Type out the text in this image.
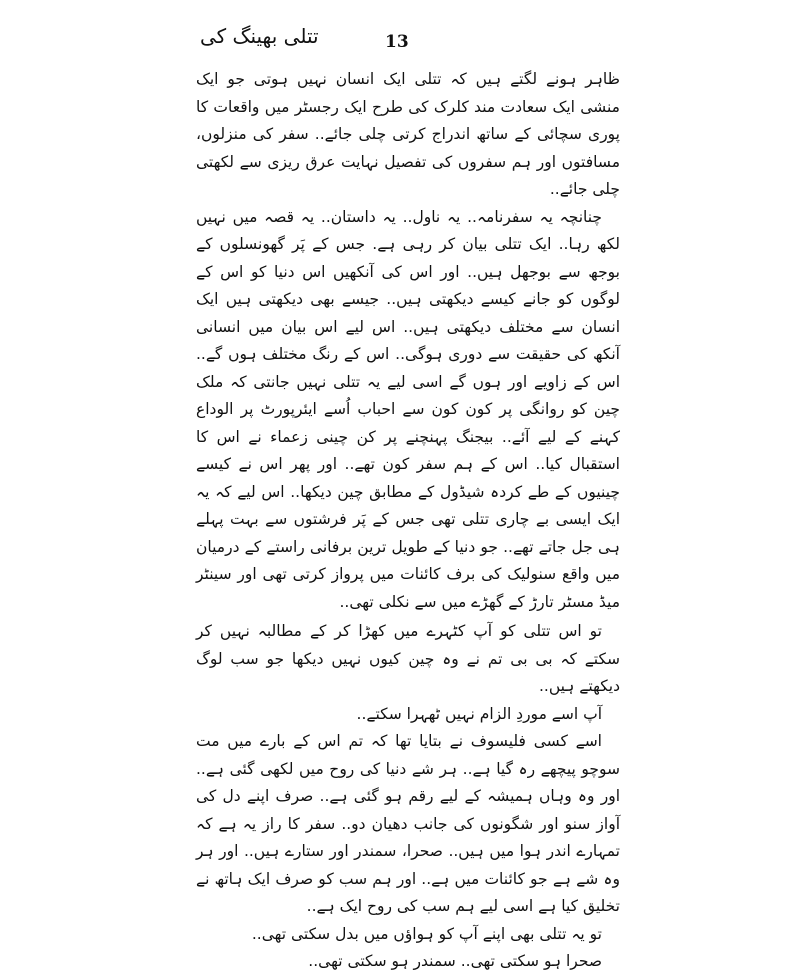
تتلی بھینگ کی	13

ظاہر ہونے لگتے ہیں کہ تتلی ایک انسان نہیں ہوتی جو ایک منشی ایک سعادت مند کلرک کی طرح ایک رجسٹر میں واقعات کا پوری سچائی کے ساتھ اندراج کرتی چلی جائے.. سفر کی منزلوں، مسافتوں اور ہم سفروں کی تفصیل نہایت عرق ریزی سے لکھتی چلی جائے..

چنانچہ یہ سفرنامہ.. یہ ناول.. یہ داستان.. یہ قصہ میں نہیں لکھ رہا.. ایک تتلی بیان کر رہی ہے. جس کے پَر گھونسلوں کے بوجھ سے بوجھل ہیں.. اور اس کی آنکھیں اس دنیا کو اس کے لوگوں کو جانے کیسے دیکھتی ہیں.. جیسے بھی دیکھتی ہیں ایک انسان سے مختلف دیکھتی ہیں.. اس لیے اس بیان میں انسانی آنکھ کی حقیقت سے دوری ہوگی.. اس کے رنگ مختلف ہوں گے.. اس کے زاویے اور ہوں گے اسی لیے یہ تتلی نہیں جانتی کہ ملک چین کو روانگی پر کون کون سے احباب اُسے ایئرپورٹ پر الوداع کہنے کے لیے آئے.. بیجنگ پہنچنے پر کن چینی زعماء نے اس کا استقبال کیا.. اس کے ہم سفر کون تھے.. اور پھر اس نے کیسے چینیوں کے طے کردہ شیڈول کے مطابق چین دیکھا.. اس لیے کہ یہ ایک ایسی بے چاری تتلی تھی جس کے پَر فرشتوں سے بہت پہلے ہی جل جاتے تھے.. جو دنیا کے طویل ترین برفانی راستے کے درمیان میں واقع سنولیک کی برف کائنات میں پرواز کرتی تھی اور سینٹر میڈ مسٹر تارڑ کے گھڑے میں سے نکلی تھی..

تو اس تتلی کو آپ کٹہرے میں کھڑا کر کے مطالبہ نہیں کر سکتے کہ بی بی تم نے وہ چین کیوں نہیں دیکھا جو سب لوگ دیکھتے ہیں..

آپ اسے موردِ الزام نہیں ٹھہرا سکتے..

اسے کسی فلیسوف نے بتایا تھا کہ تم اس کے بارے میں مت سوچو پیچھے رہ گیا ہے.. ہر شے دنیا کی روح میں لکھی گئی ہے.. اور وہ وہاں ہمیشہ کے لیے رقم ہو گئی ہے.. صرف اپنے دل کی آواز سنو اور شگونوں کی جانب دھیان دو.. سفر کا راز یہ ہے کہ تمہارے اندر ہوا میں ہیں.. صحرا، سمندر اور ستارے ہیں.. اور ہر وہ شے ہے جو کائنات میں ہے.. اور ہم سب کو صرف ایک ہاتھ نے تخلیق کیا ہے اسی لیے ہم سب کی روح ایک ہے..

تو یہ تتلی بھی اپنے آپ کو ہواؤں میں بدل سکتی تھی..

صحرا ہو سکتی تھی.. سمندر ہو سکتی تھی..
